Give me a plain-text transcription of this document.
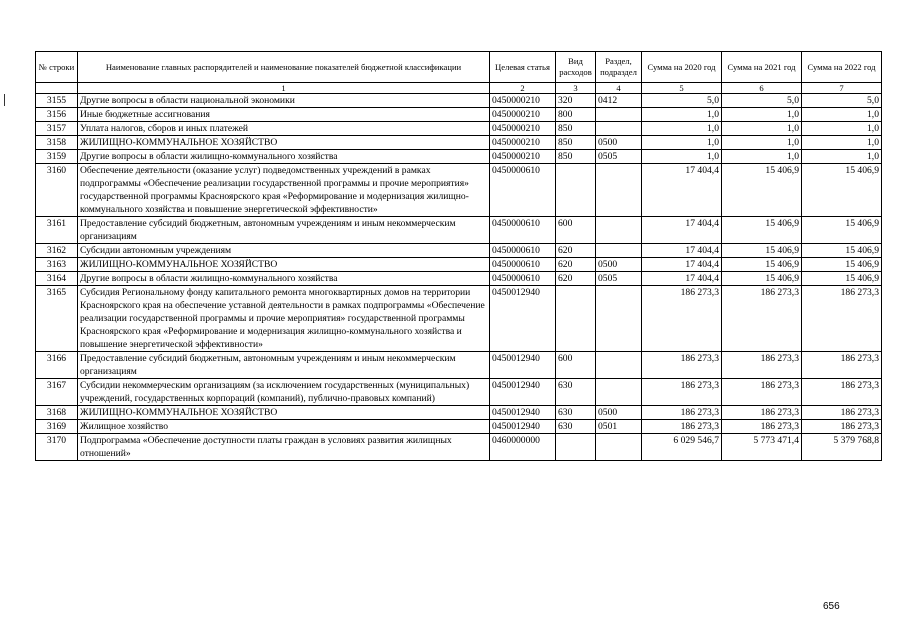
№ строки	Наименование главных распорядителей и наименование показателей бюджетной классификации	Целевая статья	Вид расходов	Раздел, подраздел	Сумма на 2020 год	Сумма на 2021 год	Сумма на 2022 год
	1	2	3	4	5	6	7
3155	Другие вопросы в области национальной экономики	0450000210	320	0412	5,0	5,0	5,0
3156	Иные бюджетные ассигнования	0450000210	800		1,0	1,0	1,0
3157	Уплата налогов, сборов и иных платежей	0450000210	850		1,0	1,0	1,0
3158	ЖИЛИЩНО-КОММУНАЛЬНОЕ ХОЗЯЙСТВО	0450000210	850	0500	1,0	1,0	1,0
3159	Другие вопросы в области жилищно-коммунального хозяйства	0450000210	850	0505	1,0	1,0	1,0
3160	Обеспечение деятельности (оказание услуг) подведомственных учреждений в рамках подпрограммы «Обеспечение реализации государственной программы и прочие мероприятия» государственной программы Красноярского края «Реформирование и модернизация жилищно-коммунального хозяйства и повышение энергетической эффективности»	0450000610			17 404,4	15 406,9	15 406,9
3161	Предоставление субсидий бюджетным, автономным учреждениям и иным некоммерческим организациям	0450000610	600		17 404,4	15 406,9	15 406,9
3162	Субсидии автономным учреждениям	0450000610	620		17 404,4	15 406,9	15 406,9
3163	ЖИЛИЩНО-КОММУНАЛЬНОЕ ХОЗЯЙСТВО	0450000610	620	0500	17 404,4	15 406,9	15 406,9
3164	Другие вопросы в области жилищно-коммунального хозяйства	0450000610	620	0505	17 404,4	15 406,9	15 406,9
3165	Субсидия Региональному фонду капитального ремонта многоквартирных домов на территории Красноярского края на обеспечение уставной деятельности в рамках подпрограммы «Обеспечение реализации государственной программы и прочие мероприятия» государственной программы Красноярского края «Реформирование и модернизация жилищно-коммунального хозяйства и повышение энергетической эффективности»	0450012940			186 273,3	186 273,3	186 273,3
3166	Предоставление субсидий бюджетным, автономным учреждениям и иным некоммерческим организациям	0450012940	600		186 273,3	186 273,3	186 273,3
3167	Субсидии некоммерческим организациям (за исключением государственных (муниципальных) учреждений, государственных корпораций (компаний), публично-правовых компаний)	0450012940	630		186 273,3	186 273,3	186 273,3
3168	ЖИЛИЩНО-КОММУНАЛЬНОЕ ХОЗЯЙСТВО	0450012940	630	0500	186 273,3	186 273,3	186 273,3
3169	Жилищное хозяйство	0450012940	630	0501	186 273,3	186 273,3	186 273,3
3170	Подпрограмма «Обеспечение доступности платы граждан в условиях развития жилищных отношений»	0460000000			6 029 546,7	5 773 471,4	5 379 768,8
656
